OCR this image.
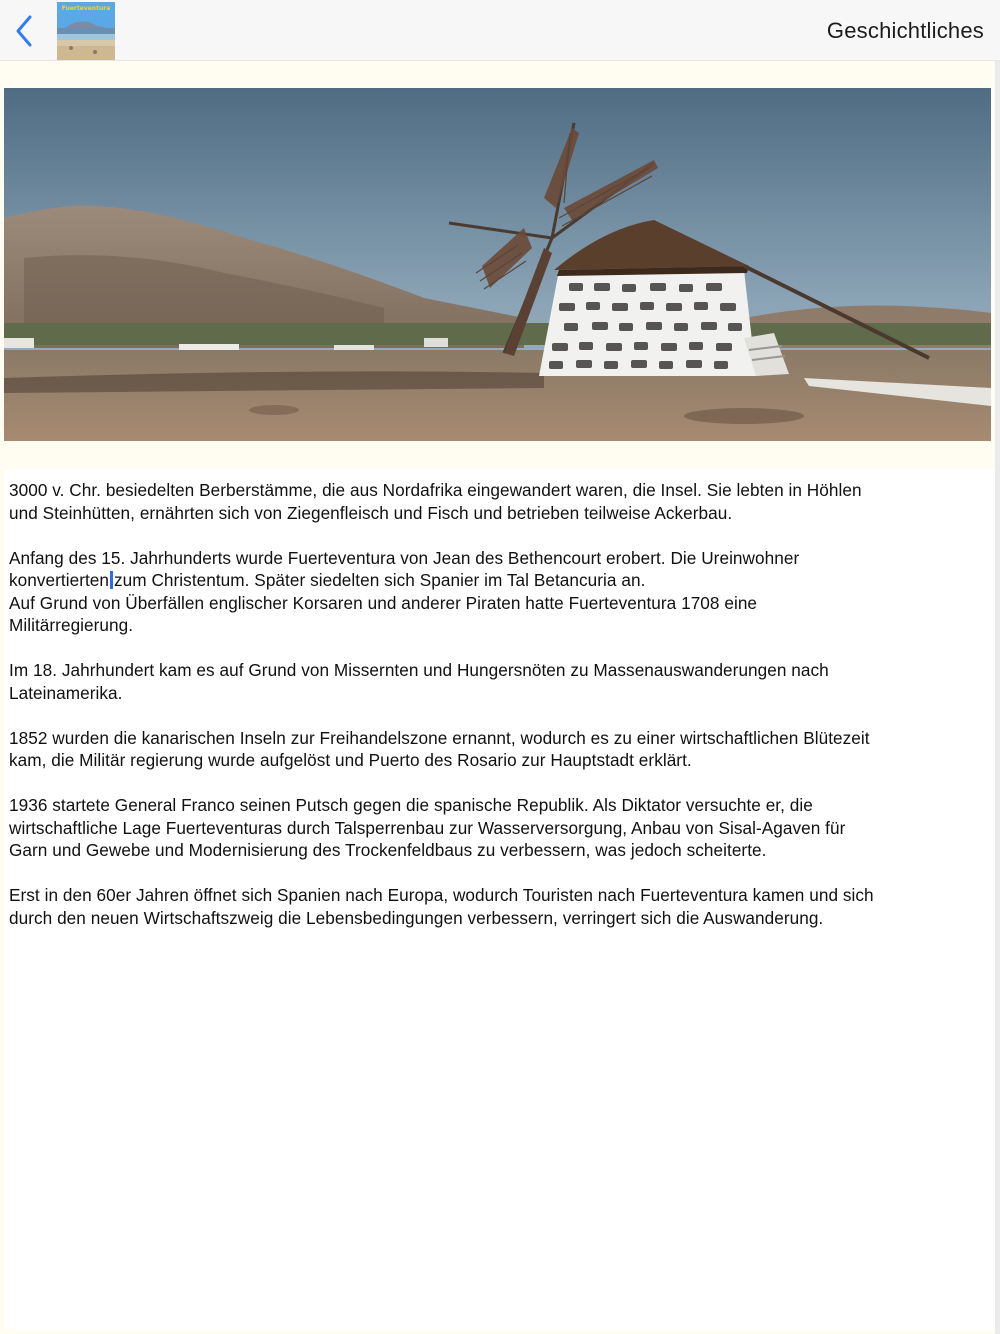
Fuerteventura
Geschichtliches

3000 v. Chr. besiedelten Berberstämme, die aus Nordafrika eingewandert waren, die Insel. Sie lebten in Höhlen
und Steinhütten, ernährten sich von Ziegenfleisch und Fisch und betrieben teilweise Ackerbau.

Anfang des 15. Jahrhunderts wurde Fuerteventura von Jean des Bethencourt erobert. Die Ureinwohner
konvertierten zum Christentum. Später siedelten sich Spanier im Tal Betancuria an.
Auf Grund von Überfällen englischer Korsaren und anderer Piraten hatte Fuerteventura 1708 eine
Militärregierung.

Im 18. Jahrhundert kam es auf Grund von Missernten und Hungersnöten zu Massenauswanderungen nach
Lateinamerika.

1852 wurden die kanarischen Inseln zur Freihandelszone ernannt, wodurch es zu einer wirtschaftlichen Blütezeit
kam, die Militär regierung wurde aufgelöst und Puerto des Rosario zur Hauptstadt erklärt.

1936 startete General Franco seinen Putsch gegen die spanische Republik. Als Diktator versuchte er, die
wirtschaftliche Lage Fuerteventuras durch Talsperrenbau zur Wasserversorgung, Anbau von Sisal-Agaven für
Garn und Gewebe und Modernisierung des Trockenfeldbaus zu verbessern, was jedoch scheiterte.

Erst in den 60er Jahren öffnet sich Spanien nach Europa, wodurch Touristen nach Fuerteventura kamen und sich
durch den neuen Wirtschaftszweig die Lebensbedingungen verbessern, verringert sich die Auswanderung.
